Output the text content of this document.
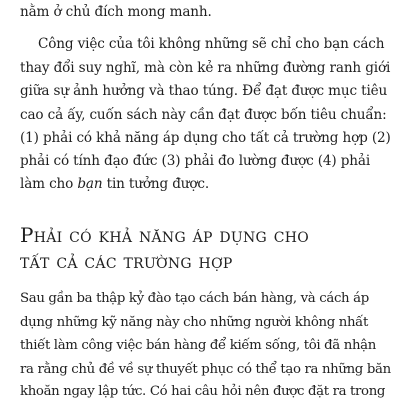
nằm ở chủ đích mong manh.
Công việc của tôi không những sẽ chỉ cho bạn cách
thay đổi suy nghĩ, mà còn kẻ ra những đường ranh giới
giữa sự ảnh hưởng và thao túng. Để đạt được mục tiêu
cao cả ấy, cuốn sách này cần đạt được bốn tiêu chuẩn:
(1) phải có khả năng áp dụng cho tất cả trường hợp (2)
phải có tính đạo đức (3) phải đo lường được (4) phải
làm cho bạn tin tưởng được.
Phải có khả năng áp dụng cho
tất cả các trường hợp
Sau gần ba thập kỷ đào tạo cách bán hàng, và cách áp
dụng những kỹ năng này cho những người không nhất
thiết làm công việc bán hàng để kiếm sống, tôi đã nhận
ra rằng chủ đề về sự thuyết phục có thể tạo ra những băn
khoăn ngay lập tức. Có hai câu hỏi nên được đặt ra trong
